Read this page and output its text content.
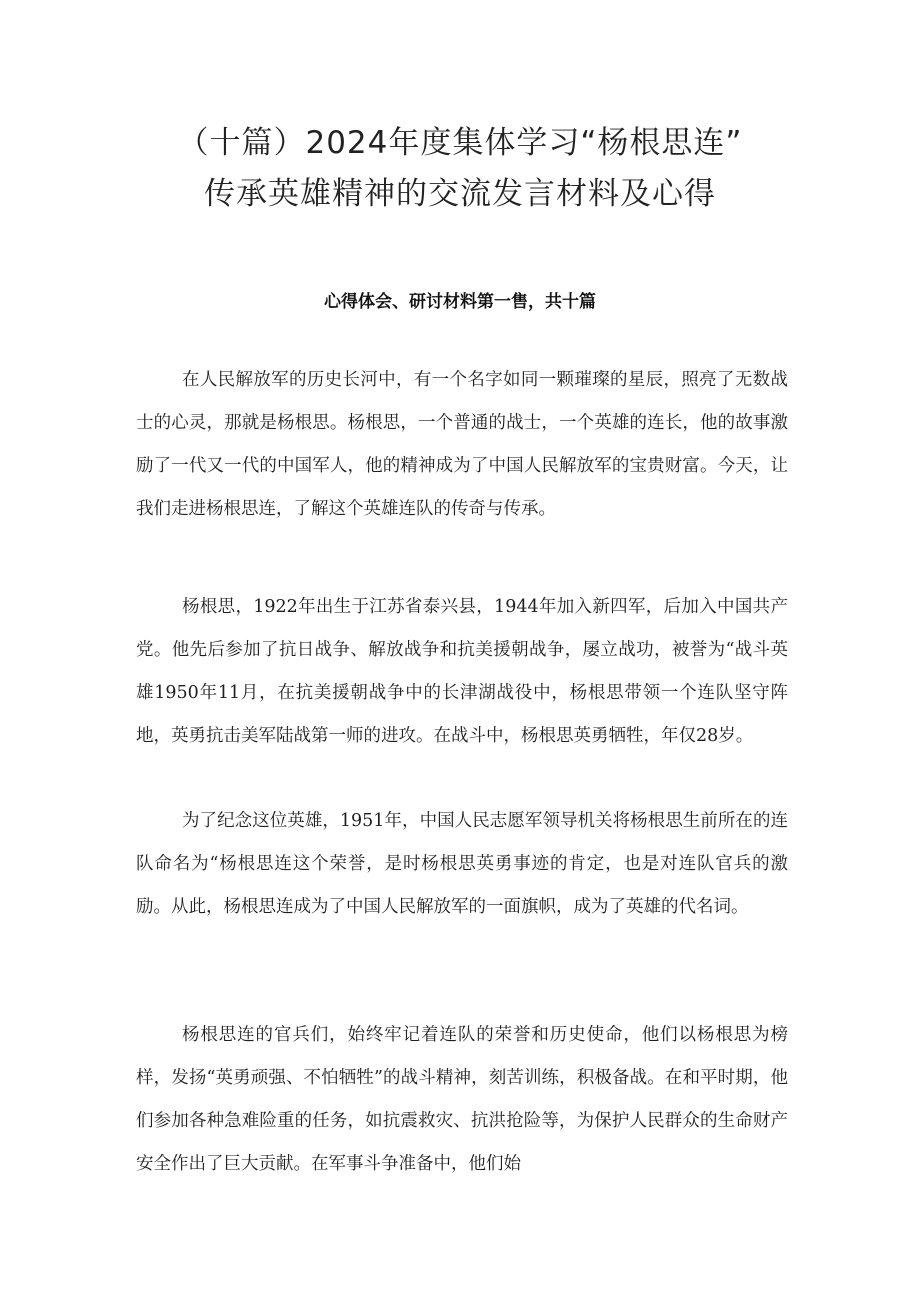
（十篇）2024年度集体学习“杨根思连”
传承英雄精神的交流发言材料及心得
心得体会、研讨材料第一售，共十篇

在人民解放军的历史长河中，有一个名字如同一颗璀璨的星辰，照亮了无数战士的心灵，那就是杨根思。杨根思，一个普通的战士，一个英雄的连长，他的故事激励了一代又一代的中国军人，他的精神成为了中国人民解放军的宝贵财富。今天，让我们走进杨根思连，了解这个英雄连队的传奇与传承。

杨根思，1922年出生于江苏省泰兴县，1944年加入新四军，后加入中国共产党。他先后参加了抗日战争、解放战争和抗美援朝战争，屡立战功，被誉为“战斗英雄1950年11月，在抗美援朝战争中的长津湖战役中，杨根思带领一个连队坚守阵地，英勇抗击美军陆战第一师的进攻。在战斗中，杨根思英勇牺牲，年仅28岁。

为了纪念这位英雄，1951年，中国人民志愿军领导机关将杨根思生前所在的连队命名为“杨根思连这个荣誉，是时杨根思英勇事迹的肯定，也是对连队官兵的激励。从此，杨根思连成为了中国人民解放军的一面旗帜，成为了英雄的代名词。

杨根思连的官兵们，始终牢记着连队的荣誉和历史使命，他们以杨根思为榜样，发扬“英勇顽强、不怕牺牲”的战斗精神，刻苦训练，积极备战。在和平时期，他们参加各种急难险重的任务，如抗震救灾、抗洪抢险等，为保护人民群众的生命财产安全作出了巨大贡献。在军事斗争准备中，他们始
